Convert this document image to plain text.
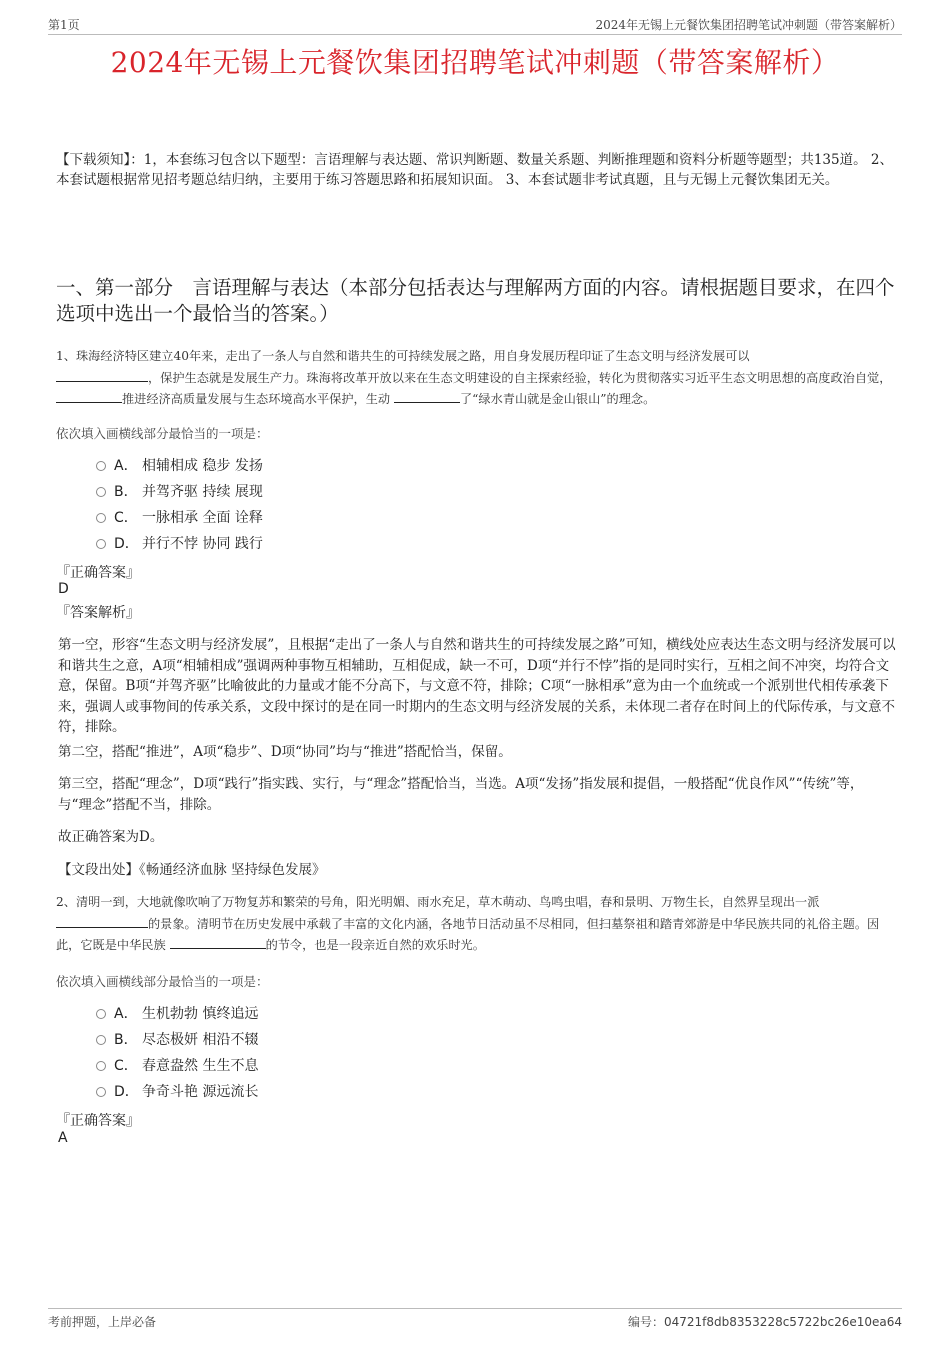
第1页	2024年无锡上元餐饮集团招聘笔试冲刺题（带答案解析）
2024年无锡上元餐饮集团招聘笔试冲刺题（带答案解析）
【下载须知】：1，本套练习包含以下题型：言语理解与表达题、常识判断题、数量关系题、判断推理题和资料分析题等题型；共135道。 2、本套试题根据常见招考题总结归纳，主要用于练习答题思路和拓展知识面。 3、本套试题非考试真题，且与无锡上元餐饮集团无关。
一、第一部分　言语理解与表达（本部分包括表达与理解两方面的内容。请根据题目要求，在四个选项中选出一个最恰当的答案。）
1、珠海经济特区建立40年来，走出了一条人与自然和谐共生的可持续发展之路，用自身发展历程印证了生态文明与经济发展可以
，保护生态就是发展生产力。珠海将改革开放以来在生态文明建设的自主探索经验，转化为贯彻落实习近平生态文明思想的高度政治自觉， 推进经济高质量发展与生态环境高水平保护，生动	了“绿水青山就是金山银山”的理念。
依次填入画横线部分最恰当的一项是：
A． 相辅相成 稳步 发扬
B． 并驾齐驱 持续 展现
C． 一脉相承 全面 诠释
D． 并行不悖 协同 践行
『正确答案』
D
『答案解析』
第一空，形容“生态文明与经济发展”，且根据“走出了一条人与自然和谐共生的可持续发展之路”可知，横线处应表达生态文明与经济发展可以和谐共生之意，A项“相辅相成”强调两种事物互相辅助，互相促成，缺一不可，D项“并行不悖”指的是同时实行，互相之间不冲突，均符合文意，保留。B项“并驾齐驱”比喻彼此的力量或才能不分高下，与文意不符，排除；C项“一脉相承”意为由一个血统或一个派别世代相传承袭下来，强调人或事物间的传承关系，文段中探讨的是在同一时期内的生态文明与经济发展的关系，未体现二者存在时间上的代际传承，与文意不符，排除。
第二空，搭配“推进”，A项“稳步”、D项“协同”均与“推进”搭配恰当，保留。
第三空，搭配“理念”，D项“践行”指实践、实行，与“理念”搭配恰当，当选。A项“发扬”指发展和提倡，一般搭配“优良作风”“传统”等，与“理念”搭配不当，排除。
故正确答案为D。
【文段出处】《畅通经济血脉 坚持绿色发展》
2、清明一到，大地就像吹响了万物复苏和繁荣的号角，阳光明媚、雨水充足，草木萌动、鸟鸣虫唱，春和景明、万物生长，自然界呈现出一派
的景象。清明节在历史发展中承载了丰富的文化内涵，各地节日活动虽不尽相同，但扫墓祭祖和踏青郊游是中华民族共同的礼俗主题。因此，它既是中华民族	的节令，也是一段亲近自然的欢乐时光。
依次填入画横线部分最恰当的一项是：
A． 生机勃勃 慎终追远
B． 尽态极妍 相沿不辍
C． 春意盎然 生生不息
D． 争奇斗艳 源远流长
『正确答案』
A
考前押题，上岸必备	编号：04721f8db8353228c5722bc26e10ea64
